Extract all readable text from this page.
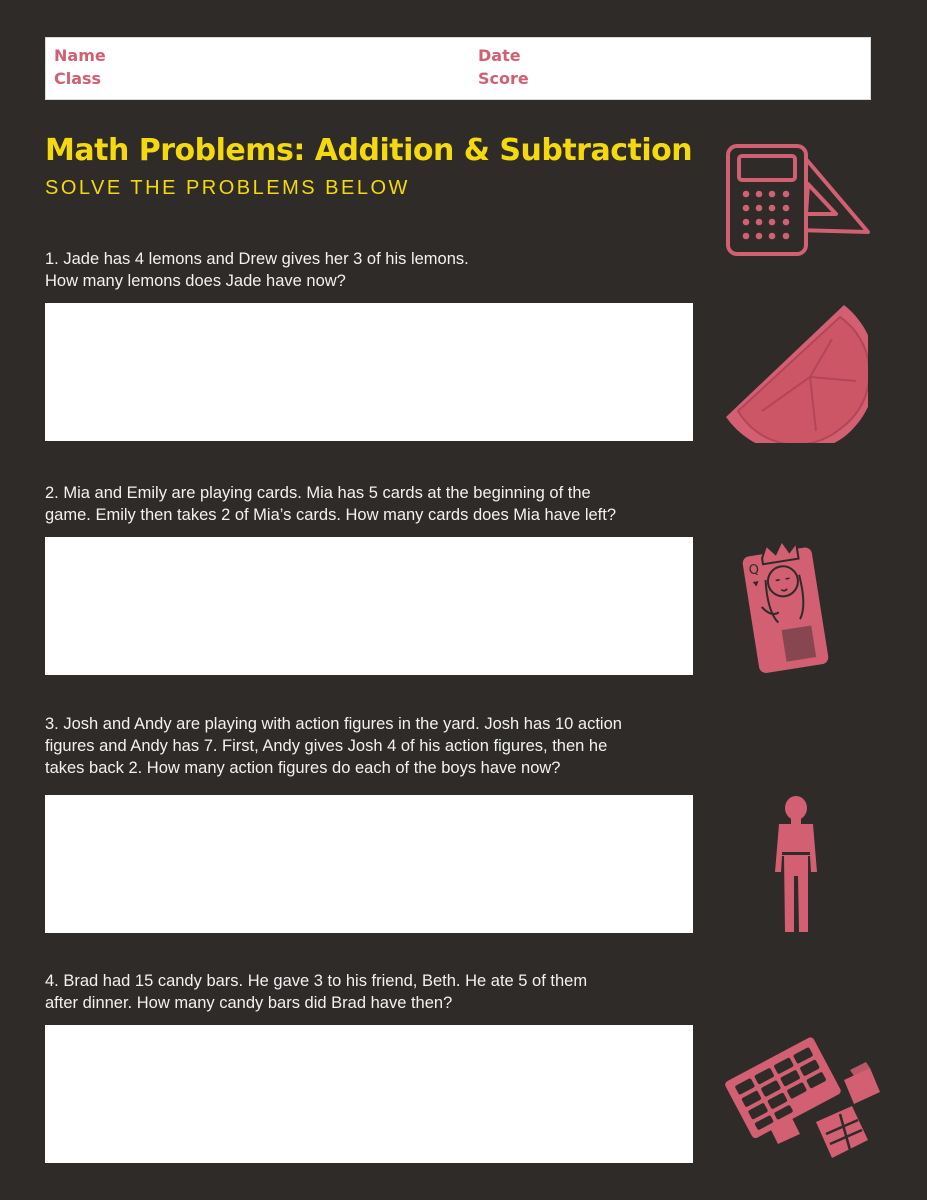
Name
Class
Date
Score
Math Problems: Addition & Subtraction
SOLVE THE PROBLEMS BELOW
1. Jade has 4 lemons and Drew gives her 3 of his lemons.
How many lemons does Jade have now?
2. Mia and Emily are playing cards. Mia has 5 cards at the beginning of the
game. Emily then takes 2 of Mia’s cards. How many cards does Mia have left?
3. Josh and Andy are playing with action figures in the yard. Josh has 10 action
figures and Andy has 7. First, Andy gives Josh 4 of his action figures, then he
takes back 2. How many action figures do each of the boys have now?
4. Brad had 15 candy bars. He gave 3 to his friend, Beth. He ate 5 of them
after dinner. How many candy bars did Brad have then?
Q
